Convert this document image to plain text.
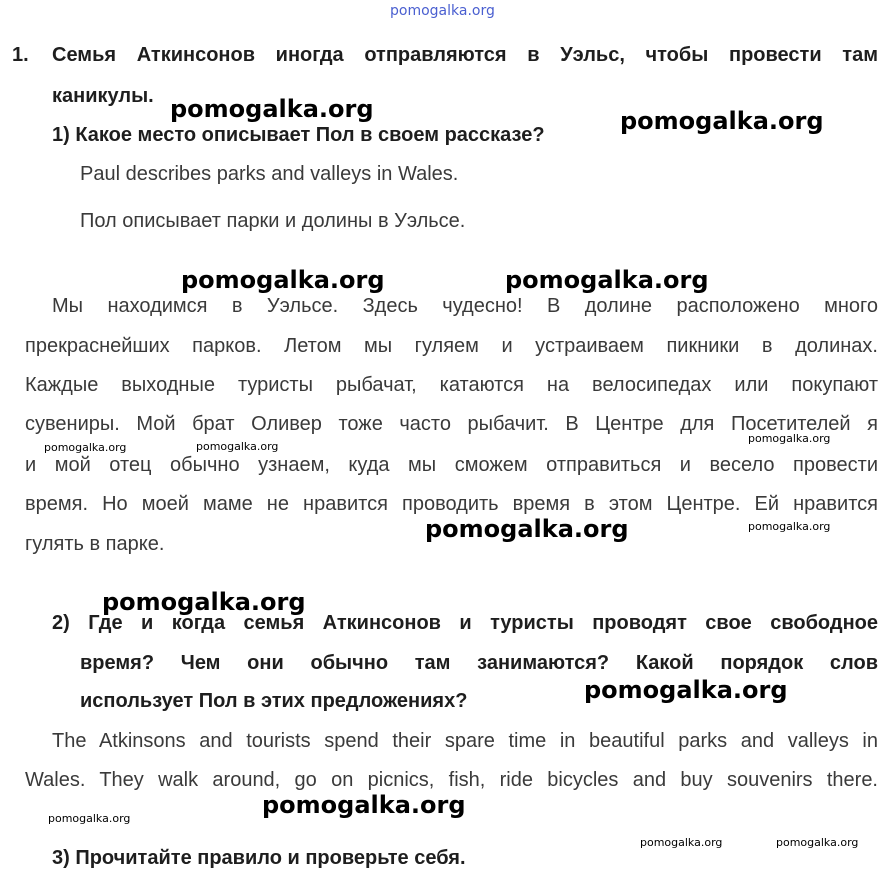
pomogalka.org
1. Семья Аткинсонов иногда отправляются в Уэльс, чтобы провести там
каникулы.
1) Какое место описывает Пол в своем рассказе?
Paul describes parks and valleys in Wales.
Пол описывает парки и долины в Уэльсе.
Мы находимся в Уэльсе. Здесь чудесно! В долине расположено много
прекраснейших парков. Летом мы гуляем и устраиваем пикники в долинах.
Каждые выходные туристы рыбачат, катаются на велосипедах или покупают
сувениры. Мой брат Оливер тоже часто рыбачит. В Центре для Посетителей я
и мой отец обычно узнаем, куда мы сможем отправиться и весело провести
время. Но моей маме не нравится проводить время в этом Центре. Ей нравится
гулять в парке.
2) Где и когда семья Аткинсонов и туристы проводят свое свободное
время? Чем они обычно там занимаются? Какой порядок слов
использует Пол в этих предложениях?
The Atkinsons and tourists spend their spare time in beautiful parks and valleys in
Wales. They walk around, go on picnics, fish, ride bicycles and buy souvenirs there.
3) Прочитайте правило и проверьте себя.
pomogalka.org	pomogalka.org
pomogalka.org	pomogalka.org
pomogalka.org
pomogalka.org
pomogalka.org
pomogalka.org
pomogalka.org	pomogalka.org
pomogalka.org
pomogalka.org
pomogalka.org
pomogalka.org	pomogalka.org
